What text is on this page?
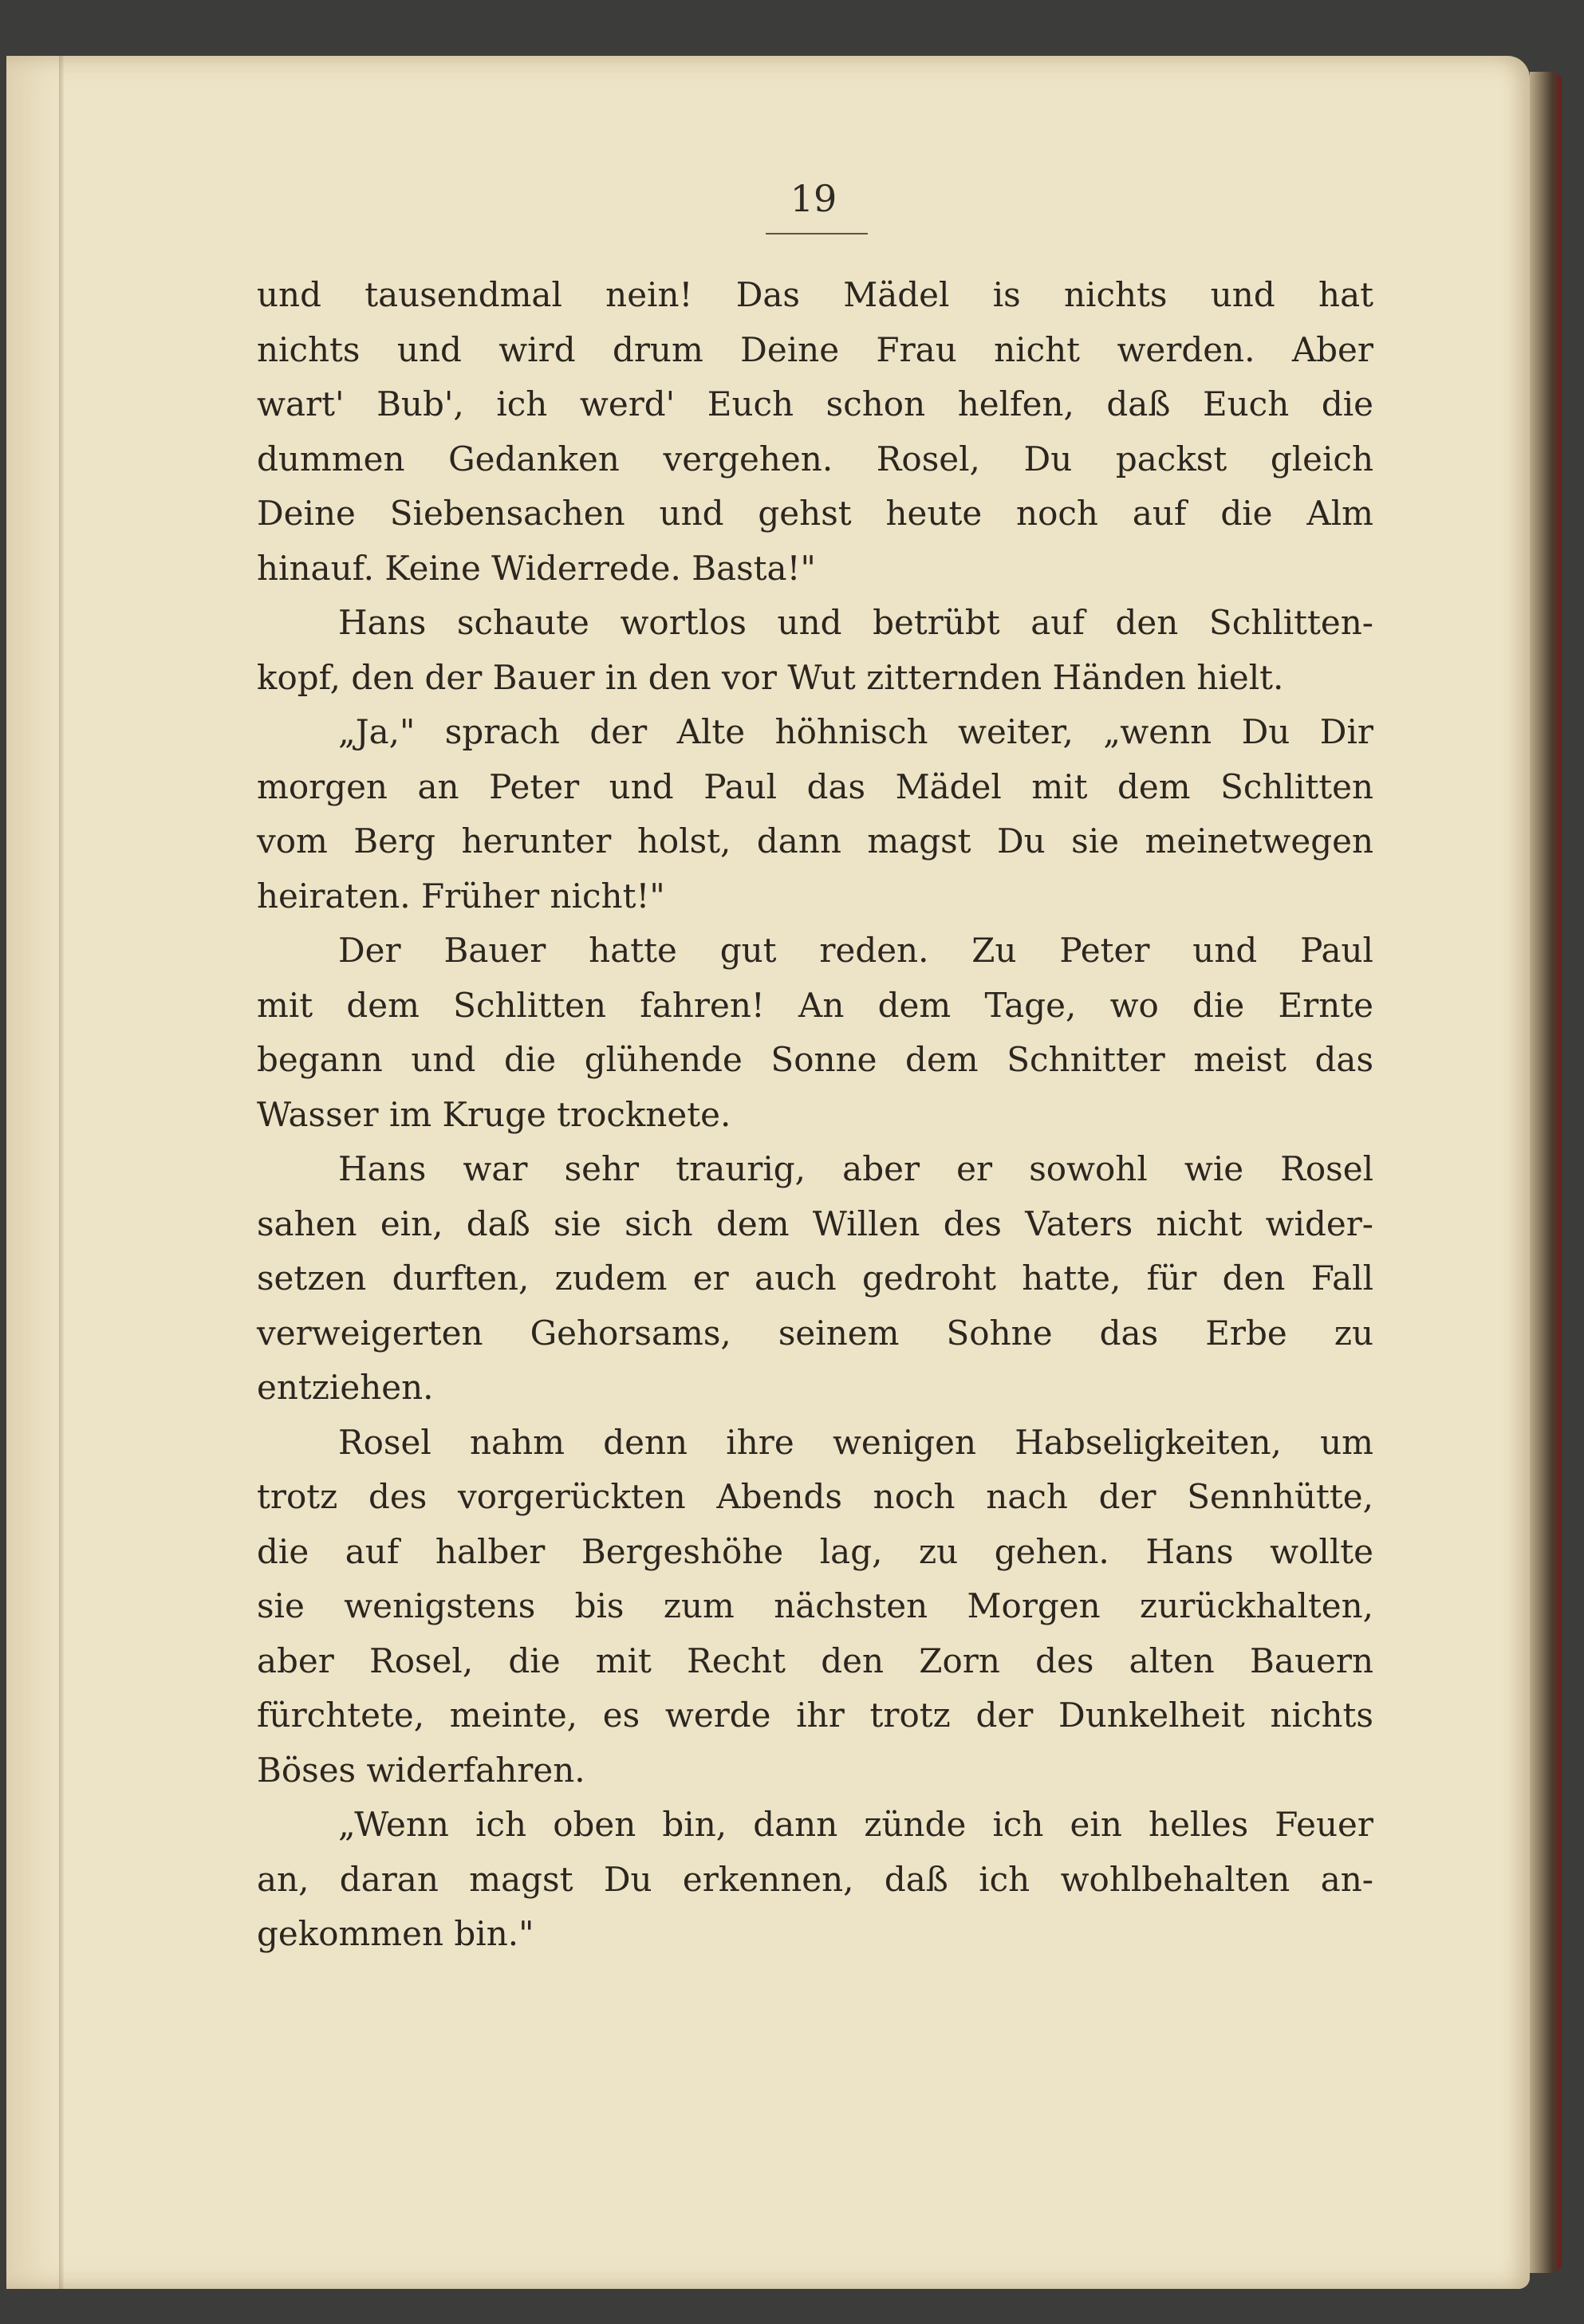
19
und tausendmal nein! Das Mädel is nichts und hat
nichts und wird drum Deine Frau nicht werden. Aber
wart' Bub', ich werd' Euch schon helfen, daß Euch die
dummen Gedanken vergehen. Rosel, Du packst gleich
Deine Siebensachen und gehst heute noch auf die Alm
hinauf. Keine Widerrede. Basta!"
Hans schaute wortlos und betrübt auf den Schlitten-
kopf, den der Bauer in den vor Wut zitternden Händen hielt.
„Ja," sprach der Alte höhnisch weiter, „wenn Du Dir
morgen an Peter und Paul das Mädel mit dem Schlitten
vom Berg herunter holst, dann magst Du sie meinetwegen
heiraten. Früher nicht!"
Der Bauer hatte gut reden. Zu Peter und Paul
mit dem Schlitten fahren! An dem Tage, wo die Ernte
begann und die glühende Sonne dem Schnitter meist das
Wasser im Kruge trocknete.
Hans war sehr traurig, aber er sowohl wie Rosel
sahen ein, daß sie sich dem Willen des Vaters nicht wider-
setzen durften, zudem er auch gedroht hatte, für den Fall
verweigerten Gehorsams, seinem Sohne das Erbe zu
entziehen.
Rosel nahm denn ihre wenigen Habseligkeiten, um
trotz des vorgerückten Abends noch nach der Sennhütte,
die auf halber Bergeshöhe lag, zu gehen. Hans wollte
sie wenigstens bis zum nächsten Morgen zurückhalten,
aber Rosel, die mit Recht den Zorn des alten Bauern
fürchtete, meinte, es werde ihr trotz der Dunkelheit nichts
Böses widerfahren.
„Wenn ich oben bin, dann zünde ich ein helles Feuer
an, daran magst Du erkennen, daß ich wohlbehalten an-
gekommen bin."
